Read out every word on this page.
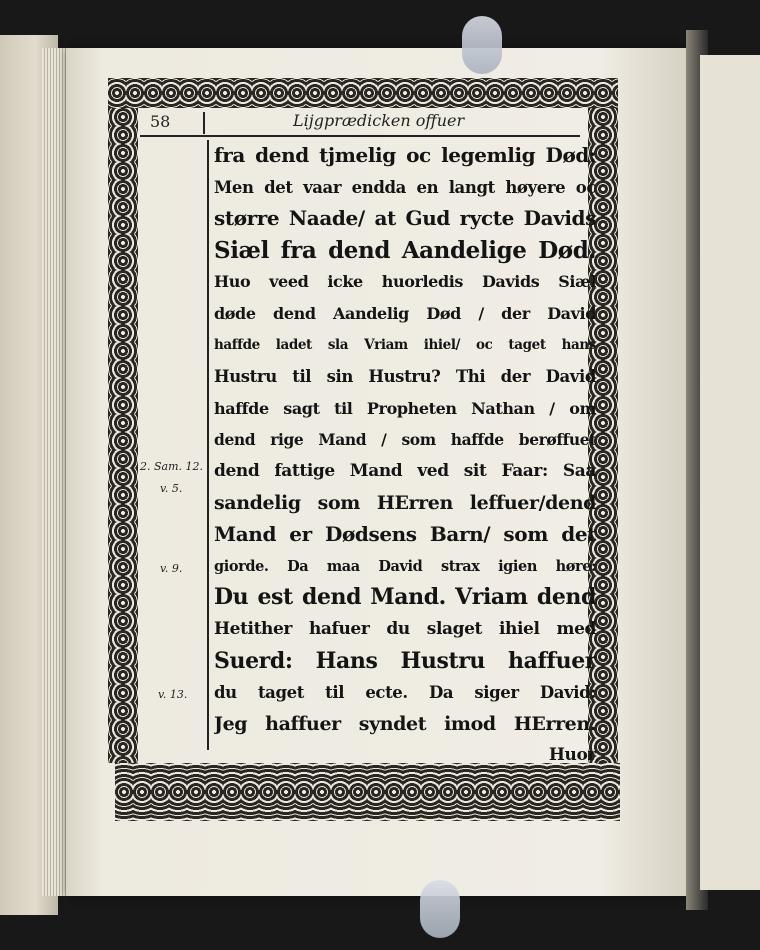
58	Lijgprædicken offuer
fra dend tjmelig oc legemlig Død:
Men det vaar endda en langt høyere oc
større Naade/ at Gud rycte Davids
Siæl fra dend Aandelige Død.
Huo veed icke huorledis Davids Siæl
døde dend Aandelig Død / der David
haffde ladet sla Vriam ihiel/ oc taget hans
Hustru til sin Hustru? Thi der David
haffde sagt til Propheten Nathan / om
dend rige Mand / som haffde berøffuet
dend fattige Mand ved sit Faar: Saa
sandelig som HErren leffuer/dend
Mand er Dødsens Barn/ som det
giorde. Da maa David strax igien høre:
Du est dend Mand. Vriam dend
Hetither hafuer du slaget ihiel med
Suerd: Hans Hustru haffuer
du taget til ecte. Da siger David:
Jeg haffuer syndet imod HErren.
Huor
2. Sam. 12.
v. 5.
v. 9.
v. 13.
